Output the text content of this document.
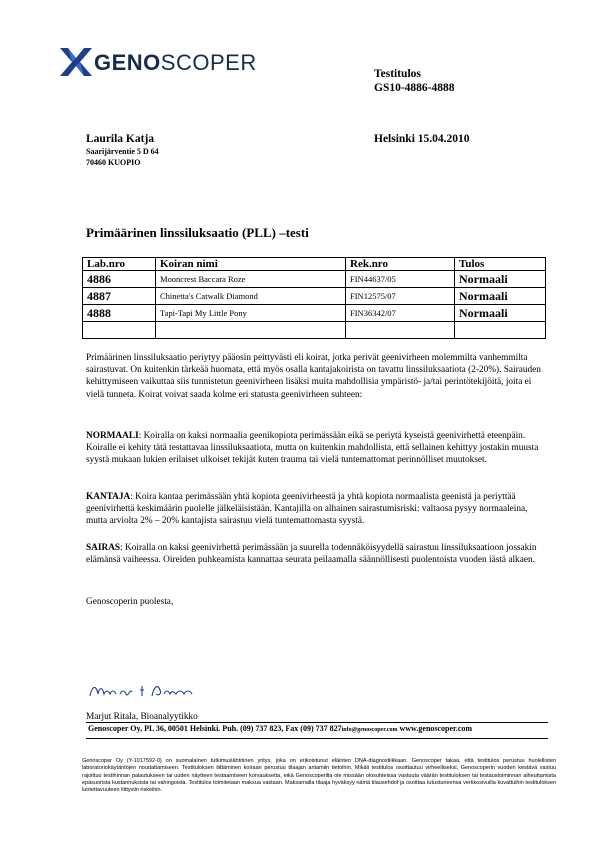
GENOSCOPER	Testitulos
GS10-4886-4888
Laurila Katja
Saarijärventie 5 D 64
70460 KUOPIO
Helsinki 15.04.2010
Primäärinen linssiluksaatio (PLL) –testi
Lab.nro	Koiran nimi	Rek.nro	Tulos
4886	Mooncrest Baccara Roze	FIN44637/05	Normaali
4887	Chinetta's Catwalk Diamond	FIN12575/07	Normaali
4888	Tapi-Tapi My Little Pony	FIN36342/07	Normaali

Primäärinen linssiluksaatio periytyy pääosin peittyvästi eli koirat, jotka perivät geenivirheen molemmilta vanhemmilta sairastuvat. On kuitenkin tärkeää huomata, että myös osalla kantajakoirista on tavattu linssiluksaatiota (2-20%). Sairauden kehittymiseen vaikuttaa siis tunnistetun geenivirheen lisäksi muita mahdollisia ympäristö- ja/tai perintötekijöitä, joita ei vielä tunneta. Koirat voivat saada kolme eri statusta geenivirheen suhteen:
NORMAALI: Koiralla on kaksi normaalia geenikopiota perimässään eikä se periytä kyseistä geenivirhettä eteenpäin. Koiralle ei kehity tätä testattavaa linssiluksaatiota, mutta on kuitenkin mahdollista, että sellainen kehittyy jostakin muusta syystä mukaan lukien erilaiset ulkoiset tekijät kuten trauma tai vielä tuntemattomat perinnölliset muutokset.
KANTAJA: Koira kantaa perimässään yhtä kopiota geenivirheestä ja yhtä kopiota normaalista geenistä ja periyttää geenivirhettä keskimäärin puolelle jälkeläisistään. Kantajilla on alhainen sairastumisriski: valtaosa pysyy normaaleina, mutta arviolta 2% – 20% kantajista sairastuu vielä tuntemattomasta syystä.
SAIRAS: Koiralla on kaksi geenivirhettä perimässään ja suurella todennäköisyydellä sairastuu linssiluksaatioon jossakin elämänsä vaiheessa. Oireiden puhkeamista kannattaa seurata peilaamalla säännöllisesti puolentoista vuoden iästä alkaen.
Genoscoperin puolesta,
Marjut Ritala, Bioanalyytikko
Genoscoper Oy, PL 36, 00501 Helsinki. Puh. (09) 737 823, Fax (09) 737 827info@genoscoper.com www.genoscoper.com
Genoscoper Oy (Y-1017592-0) on suomalainen tutkimuslähtöinen yritys, joka on erikoistunut eläinten DNA-diagnostiikkaan. Genoscoper takaa, että testitulos perustuu huolellisten laboratoriokäytäntöjen noudattamiseen. Testituloksen liittäminen koiraan perustuu tilaajan antamiin tietoihin. Mikäli testitulos osoittautuu virheelliseksi, Genoscoperin vuoden kestävä vastuu rajoittuu testihinnan palautukseen tai uuden näytteen testaamiseen korvauksetta, eikä Genoscoperilla ole missään olosuhteissa vastuuta väärän testituloksen tai testaustoiminnan aiheuttamista epäsuorista kustannuksista tai vahingoista. Testitulos toimitetaan maksua vastaan. Maksamalla tilaaja hyväksyy nämä tilausehdot ja osoittaa tutustuneensa verkkosivuilla kuvattuihin testituloksen luotettavuuteen liittyviin riskeihin.
